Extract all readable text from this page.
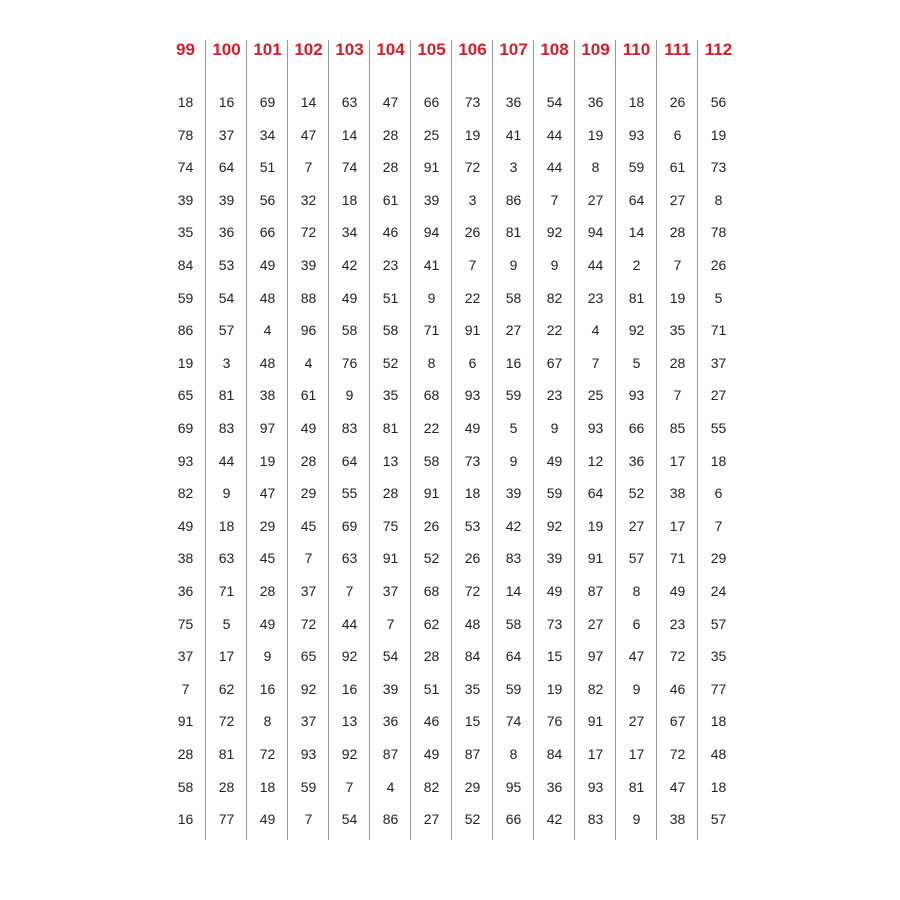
99
18
78
74
39
35
84
59
86
19
65
69
93
82
49
38
36
75
37
7
91
28
58
16
100
16
37
64
39
36
53
54
57
3
81
83
44
9
18
63
71
5
17
62
72
81
28
77
101
69
34
51
56
66
49
48
4
48
38
97
19
47
29
45
28
49
9
16
8
72
18
49
102
14
47
7
32
72
39
88
96
4
61
49
28
29
45
7
37
72
65
92
37
93
59
7
103
63
14
74
18
34
42
49
58
76
9
83
64
55
69
63
7
44
92
16
13
92
7
54
104
47
28
28
61
46
23
51
58
52
35
81
13
28
75
91
37
7
54
39
36
87
4
86
105
66
25
91
39
94
41
9
71
8
68
22
58
91
26
52
68
62
28
51
46
49
82
27
106
73
19
72
3
26
7
22
91
6
93
49
73
18
53
26
72
48
84
35
15
87
29
52
107
36
41
3
86
81
9
58
27
16
59
5
9
39
42
83
14
58
64
59
74
8
95
66
108
54
44
44
7
92
9
82
22
67
23
9
49
59
92
39
49
73
15
19
76
84
36
42
109
36
19
8
27
94
44
23
4
7
25
93
12
64
19
91
87
27
97
82
91
17
93
83
110
18
93
59
64
14
2
81
92
5
93
66
36
52
27
57
8
6
47
9
27
17
81
9
111
26
6
61
27
28
7
19
35
28
7
85
17
38
17
71
49
23
72
46
67
72
47
38
112
56
19
73
8
78
26
5
71
37
27
55
18
6
7
29
24
57
35
77
18
48
18
57
